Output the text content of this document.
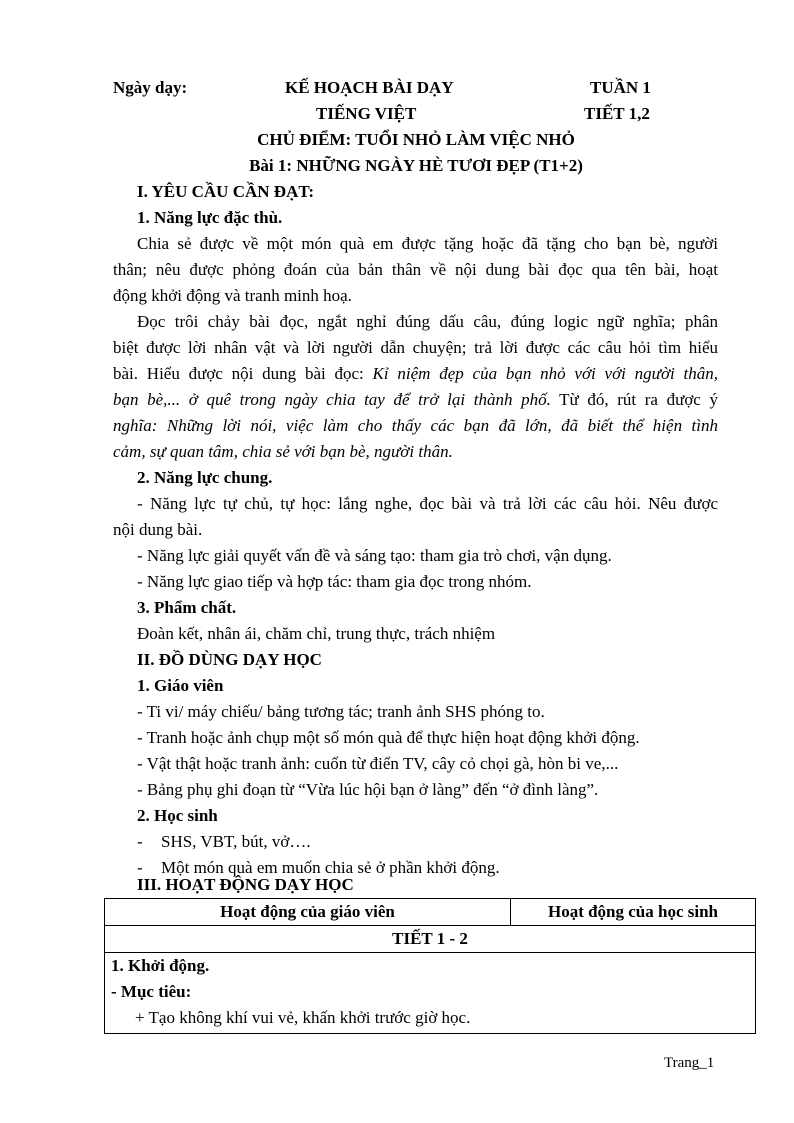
Ngày dạy:	KẾ HOẠCH BÀI DẠY	TUẦN 1
TIẾNG VIỆT	TIẾT 1,2
CHỦ ĐIỂM: TUỔI NHỎ LÀM VIỆC NHỎ
Bài 1: NHỮNG NGÀY HÈ TƯƠI ĐẸP (T1+2)
I. YÊU CẦU CẦN ĐẠT:
1. Năng lực đặc thù.
Chia sẻ được về một món quà em được tặng hoặc đã tặng cho bạn bè, người
thân; nêu được phỏng đoán của bản thân về nội dung bài đọc qua tên bài, hoạt
động khởi động và tranh minh hoạ.
Đọc trôi chảy bài đọc, ngắt nghỉ đúng dấu câu, đúng logic ngữ nghĩa; phân
biệt được lời nhân vật và lời người dẫn chuyện; trả lời được các câu hỏi tìm hiểu
bài. Hiểu được nội dung bài đọc: Kỉ niệm đẹp của bạn nhỏ với với người thân,
bạn bè,... ở quê trong ngày chia tay để trở lại thành phố. Từ đó, rút ra được ý
nghĩa: Những lời nói, việc làm cho thấy các bạn đã lớn, đã biết thể hiện tình
cảm, sự quan tâm, chia sẻ với bạn bè, người thân.
2. Năng lực chung.
- Năng lực tự chủ, tự học: lắng nghe, đọc bài và trả lời các câu hỏi. Nêu được
nội dung bài.
- Năng lực giải quyết vấn đề và sáng tạo: tham gia trò chơi, vận dụng.
- Năng lực giao tiếp và hợp tác: tham gia đọc trong nhóm.
3. Phẩm chất.
Đoàn kết, nhân ái, chăm chỉ, trung thực, trách nhiệm
II. ĐỒ DÙNG DẠY HỌC
1. Giáo viên
- Ti vi/ máy chiếu/ bảng tương tác; tranh ảnh SHS phóng to.
- Tranh hoặc ảnh chụp một số món quà để thực hiện hoạt động khởi động.
- Vật thật hoặc tranh ảnh: cuốn từ điển TV, cây cỏ chọi gà, hòn bi ve,...
- Bảng phụ ghi đoạn từ “Vừa lúc hội bạn ở làng” đến “ở đình làng”.
2. Học sinh
- SHS, VBT, bút, vở….
- Một món quà em muốn chia sẻ ở phần khởi động.
III. HOẠT ĐỘNG DẠY HỌC
Hoạt động của giáo viên	Hoạt động của học sinh
TIẾT 1 - 2

1. Khởi động.
- Mục tiêu:
+ Tạo không khí vui vẻ, khấn khởi trước giờ học.
Trang_1
